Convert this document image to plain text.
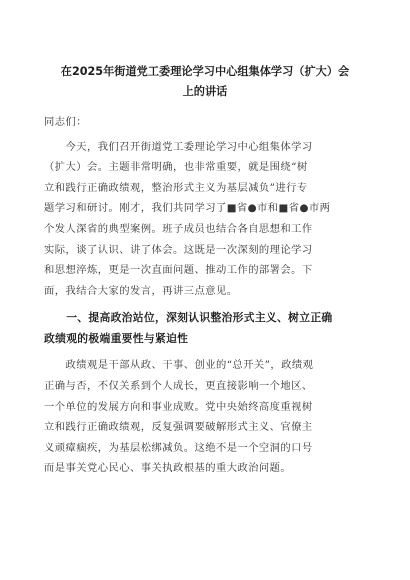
在2025年街道党工委理论学习中心组集体学习（扩大）会
上的讲话

同志们：

　　今天，我们召开街道党工委理论学习中心组集体学习
（扩大）会。主题非常明确，也非常重要，就是围绕“树
立和践行正确政绩观，整治形式主义为基层减负”进行专
题学习和研讨。刚才，我们共同学习了■省●市和■省●市两
个发人深省的典型案例。班子成员也结合各自思想和工作
实际，谈了认识、讲了体会。这既是一次深刻的理论学习
和思想淬炼，更是一次直面问题、推动工作的部署会。下
面，我结合大家的发言，再讲三点意见。

　　一、提高政治站位，深刻认识整治形式主义、树立正确
政绩观的极端重要性与紧迫性

　　政绩观是干部从政、干事、创业的“总开关”，政绩观
正确与否，不仅关系到个人成长，更直接影响一个地区、
一个单位的发展方向和事业成败。党中央始终高度重视树
立和践行正确政绩观，反复强调要破解形式主义、官僚主
义顽瘴痼疾，为基层松绑减负。这绝不是一个空洞的口号
而是事关党心民心、事关执政根基的重大政治问题。
